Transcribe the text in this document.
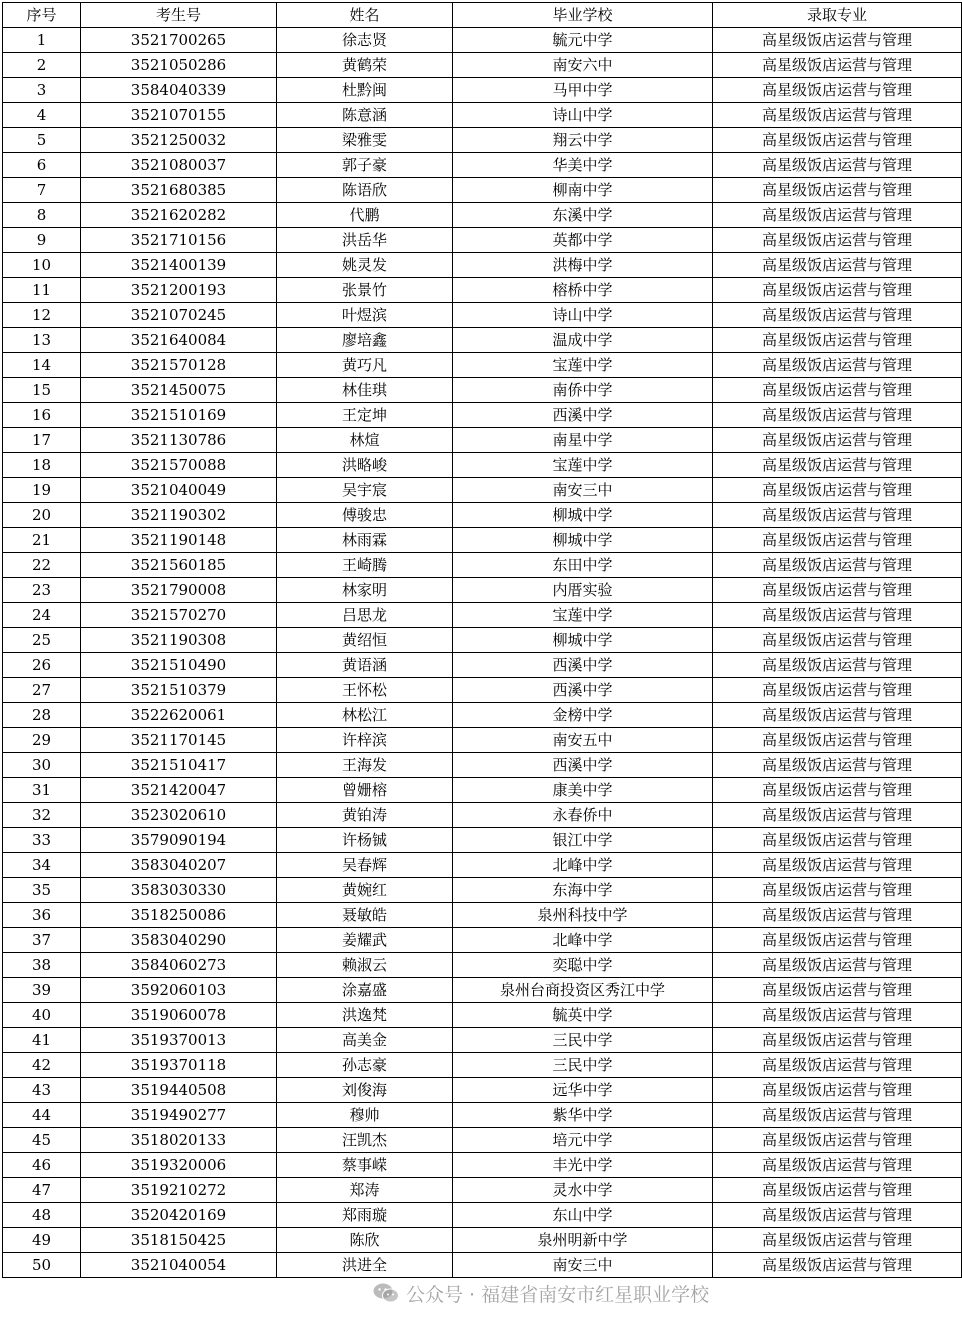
序号	考生号	姓名	毕业学校	录取专业
1	3521700265	徐志贤	毓元中学	高星级饭店运营与管理
2	3521050286	黄鹤荣	南安六中	高星级饭店运营与管理
3	3584040339	杜黔闽	马甲中学	高星级饭店运营与管理
4	3521070155	陈意涵	诗山中学	高星级饭店运营与管理
5	3521250032	梁雅雯	翔云中学	高星级饭店运营与管理
6	3521080037	郭子豪	华美中学	高星级饭店运营与管理
7	3521680385	陈语欣	柳南中学	高星级饭店运营与管理
8	3521620282	代鹏	东溪中学	高星级饭店运营与管理
9	3521710156	洪岳华	英都中学	高星级饭店运营与管理
10	3521400139	姚灵发	洪梅中学	高星级饭店运营与管理
11	3521200193	张景竹	榕桥中学	高星级饭店运营与管理
12	3521070245	叶煜滨	诗山中学	高星级饭店运营与管理
13	3521640084	廖培鑫	温成中学	高星级饭店运营与管理
14	3521570128	黄巧凡	宝莲中学	高星级饭店运营与管理
15	3521450075	林佳琪	南侨中学	高星级饭店运营与管理
16	3521510169	王定坤	西溪中学	高星级饭店运营与管理
17	3521130786	林煊	南星中学	高星级饭店运营与管理
18	3521570088	洪略峻	宝莲中学	高星级饭店运营与管理
19	3521040049	吴宇宸	南安三中	高星级饭店运营与管理
20	3521190302	傅骏忠	柳城中学	高星级饭店运营与管理
21	3521190148	林雨霖	柳城中学	高星级饭店运营与管理
22	3521560185	王崎腾	东田中学	高星级饭店运营与管理
23	3521790008	林家明	内厝实验	高星级饭店运营与管理
24	3521570270	吕思龙	宝莲中学	高星级饭店运营与管理
25	3521190308	黄绍恒	柳城中学	高星级饭店运营与管理
26	3521510490	黄语涵	西溪中学	高星级饭店运营与管理
27	3521510379	王怀松	西溪中学	高星级饭店运营与管理
28	3522620061	林松江	金榜中学	高星级饭店运营与管理
29	3521170145	许梓滨	南安五中	高星级饭店运营与管理
30	3521510417	王海发	西溪中学	高星级饭店运营与管理
31	3521420047	曾姗榕	康美中学	高星级饭店运营与管理
32	3523020610	黄铂涛	永春侨中	高星级饭店运营与管理
33	3579090194	许杨铖	银江中学	高星级饭店运营与管理
34	3583040207	吴春辉	北峰中学	高星级饭店运营与管理
35	3583030330	黄婉红	东海中学	高星级饭店运营与管理
36	3518250086	聂敏皓	泉州科技中学	高星级饭店运营与管理
37	3583040290	姜耀武	北峰中学	高星级饭店运营与管理
38	3584060273	赖淑云	奕聪中学	高星级饭店运营与管理
39	3592060103	涂嘉盛	泉州台商投资区秀江中学	高星级饭店运营与管理
40	3519060078	洪逸梵	毓英中学	高星级饭店运营与管理
41	3519370013	高美金	三民中学	高星级饭店运营与管理
42	3519370118	孙志豪	三民中学	高星级饭店运营与管理
43	3519440508	刘俊海	远华中学	高星级饭店运营与管理
44	3519490277	穆帅	紫华中学	高星级饭店运营与管理
45	3518020133	汪凯杰	培元中学	高星级饭店运营与管理
46	3519320006	蔡事嵘	丰光中学	高星级饭店运营与管理
47	3519210272	郑涛	灵水中学	高星级饭店运营与管理
48	3520420169	郑雨璇	东山中学	高星级饭店运营与管理
49	3518150425	陈欣	泉州明新中学	高星级饭店运营与管理
50	3521040054	洪进全	南安三中	高星级饭店运营与管理
公众号 · 福建省南安市红星职业学校
